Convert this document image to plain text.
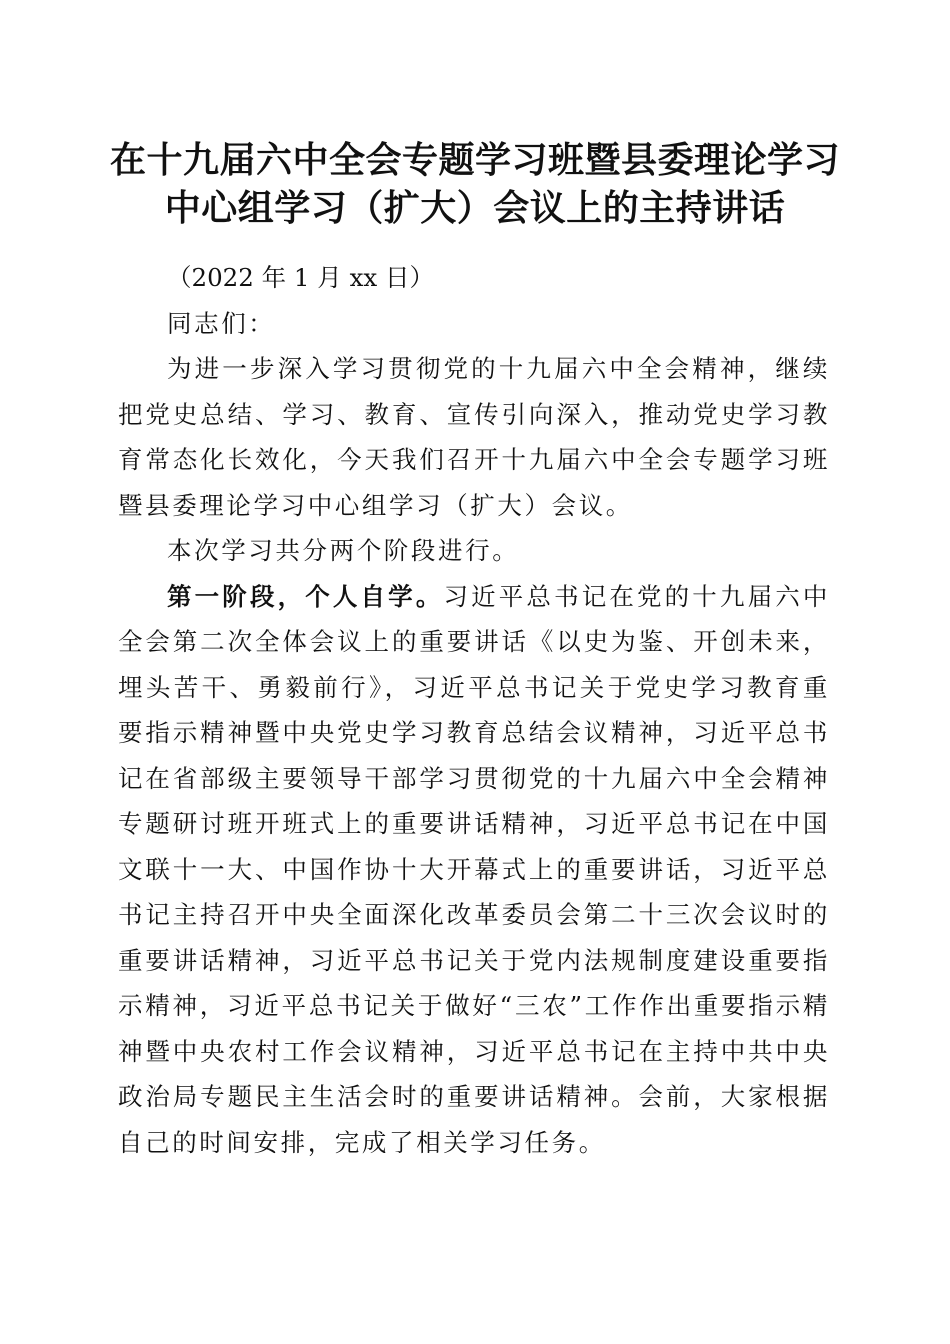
在十九届六中全会专题学习班暨县委理论学习
中心组学习（扩大）会议上的主持讲话

（2022 年 1 月 xx 日）

同志们：

为进一步深入学习贯彻党的十九届六中全会精神，继续把党史总结、学习、教育、宣传引向深入，推动党史学习教育常态化长效化，今天我们召开十九届六中全会专题学习班暨县委理论学习中心组学习（扩大）会议。

本次学习共分两个阶段进行。

第一阶段，个人自学。习近平总书记在党的十九届六中全会第二次全体会议上的重要讲话《以史为鉴、开创未来，埋头苦干、勇毅前行》，习近平总书记关于党史学习教育重要指示精神暨中央党史学习教育总结会议精神，习近平总书记在省部级主要领导干部学习贯彻党的十九届六中全会精神专题研讨班开班式上的重要讲话精神，习近平总书记在中国文联十一大、中国作协十大开幕式上的重要讲话，习近平总书记主持召开中央全面深化改革委员会第二十三次会议时的重要讲话精神，习近平总书记关于党内法规制度建设重要指示精神，习近平总书记关于做好“三农”工作作出重要指示精神暨中央农村工作会议精神，习近平总书记在主持中共中央政治局专题民主生活会时的重要讲话精神。会前，大家根据自己的时间安排，完成了相关学习任务。
